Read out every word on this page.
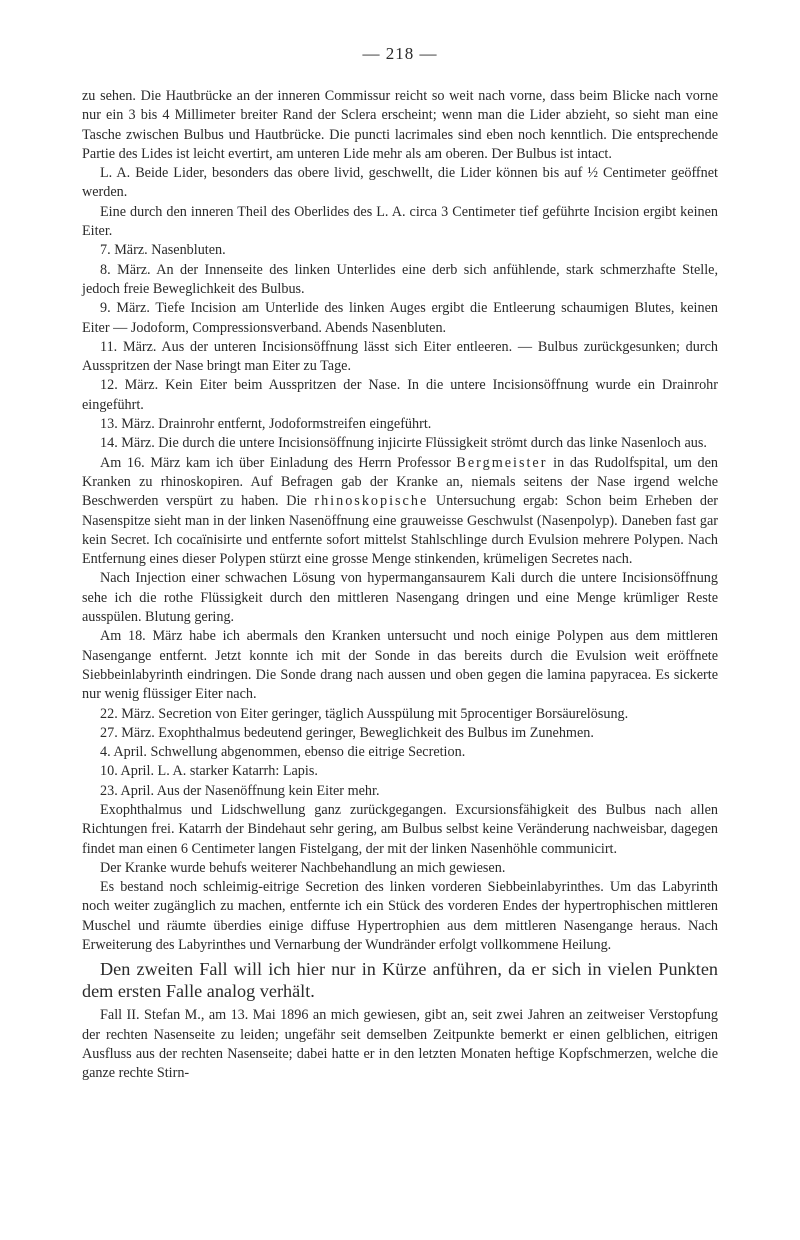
— 218 —

zu sehen. Die Hautbrücke an der inneren Commissur reicht so weit nach vorne, dass beim Blicke nach vorne nur ein 3 bis 4 Millimeter breiter Rand der Sclera erscheint; wenn man die Lider abzieht, so sieht man eine Tasche zwischen Bulbus und Hautbrücke. Die puncti lacrimales sind eben noch kenntlich. Die entsprechende Partie des Lides ist leicht evertirt, am unteren Lide mehr als am oberen. Der Bulbus ist intact.

L. A. Beide Lider, besonders das obere livid, geschwellt, die Lider können bis auf ½ Centimeter geöffnet werden.

Eine durch den inneren Theil des Oberlides des L. A. circa 3 Centimeter tief geführte Incision ergibt keinen Eiter.

7. März. Nasenbluten.

8. März. An der Innenseite des linken Unterlides eine derb sich anfühlende, stark schmerzhafte Stelle, jedoch freie Beweglichkeit des Bulbus.

9. März. Tiefe Incision am Unterlide des linken Auges ergibt die Entleerung schaumigen Blutes, keinen Eiter — Jodoform, Compressionsverband. Abends Nasenbluten.

11. März. Aus der unteren Incisionsöffnung lässt sich Eiter entleeren. — Bulbus zurückgesunken; durch Ausspritzen der Nase bringt man Eiter zu Tage.

12. März. Kein Eiter beim Ausspritzen der Nase. In die untere Incisionsöffnung wurde ein Drainrohr eingeführt.

13. März. Drainrohr entfernt, Jodoformstreifen eingeführt.

14. März. Die durch die untere Incisionsöffnung injicirte Flüssigkeit strömt durch das linke Nasenloch aus.

Am 16. März kam ich über Einladung des Herrn Professor Bergmeister in das Rudolfspital, um den Kranken zu rhinoskopiren. Auf Befragen gab der Kranke an, niemals seitens der Nase irgend welche Beschwerden verspürt zu haben. Die rhinoskopische Untersuchung ergab: Schon beim Erheben der Nasenspitze sieht man in der linken Nasenöffnung eine grauweisse Geschwulst (Nasenpolyp). Daneben fast gar kein Secret. Ich cocaïnisirte und entfernte sofort mittelst Stahlschlinge durch Evulsion mehrere Polypen. Nach Entfernung eines dieser Polypen stürzt eine grosse Menge stinkenden, krümeligen Secretes nach.

Nach Injection einer schwachen Lösung von hypermangansaurem Kali durch die untere Incisionsöffnung sehe ich die rothe Flüssigkeit durch den mittleren Nasengang dringen und eine Menge krümliger Reste ausspülen. Blutung gering.

Am 18. März habe ich abermals den Kranken untersucht und noch einige Polypen aus dem mittleren Nasengange entfernt. Jetzt konnte ich mit der Sonde in das bereits durch die Evulsion weit eröffnete Siebbeinlabyrinth eindringen. Die Sonde drang nach aussen und oben gegen die lamina papyracea. Es sickerte nur wenig flüssiger Eiter nach.

22. März. Secretion von Eiter geringer, täglich Ausspülung mit 5procentiger Borsäurelösung.

27. März. Exophthalmus bedeutend geringer, Beweglichkeit des Bulbus im Zunehmen.

4. April. Schwellung abgenommen, ebenso die eitrige Secretion.

10. April. L. A. starker Katarrh: Lapis.

23. April. Aus der Nasenöffnung kein Eiter mehr.

Exophthalmus und Lidschwellung ganz zurückgegangen. Excursionsfähigkeit des Bulbus nach allen Richtungen frei. Katarrh der Bindehaut sehr gering, am Bulbus selbst keine Veränderung nachweisbar, dagegen findet man einen 6 Centimeter langen Fistelgang, der mit der linken Nasenhöhle communicirt.

Der Kranke wurde behufs weiterer Nachbehandlung an mich gewiesen.

Es bestand noch schleimig-eitrige Secretion des linken vorderen Siebbeinlabyrinthes. Um das Labyrinth noch weiter zugänglich zu machen, entfernte ich ein Stück des vorderen Endes der hypertrophischen mittleren Muschel und räumte überdies einige diffuse Hypertrophien aus dem mittleren Nasengange heraus. Nach Erweiterung des Labyrinthes und Vernarbung der Wundränder erfolgt vollkommene Heilung.

Den zweiten Fall will ich hier nur in Kürze anführen, da er sich in vielen Punkten dem ersten Falle analog verhält.

Fall II. Stefan M., am 13. Mai 1896 an mich gewiesen, gibt an, seit zwei Jahren an zeitweiser Verstopfung der rechten Nasenseite zu leiden; ungefähr seit demselben Zeitpunkte bemerkt er einen gelblichen, eitrigen Ausfluss aus der rechten Nasenseite; dabei hatte er in den letzten Monaten heftige Kopfschmerzen, welche die ganze rechte Stirn-
